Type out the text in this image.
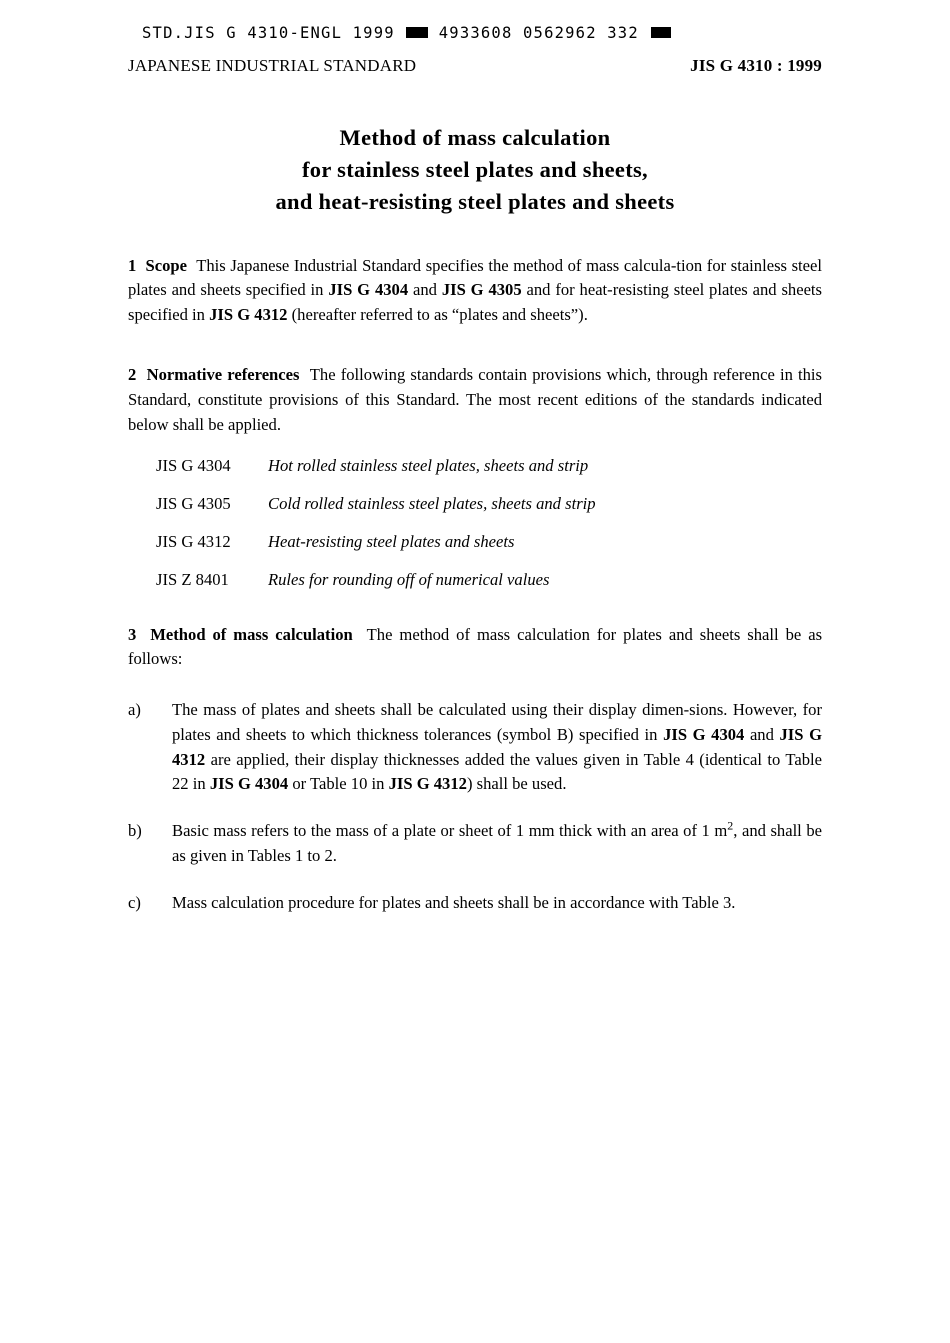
STD.JIS G 4310-ENGL 1999	4933608 0562962 332
JAPANESE INDUSTRIAL STANDARD	JIS G 4310 : 1999
Method of mass calculation
for stainless steel plates and sheets,
and heat-resisting steel plates and sheets

1 Scope This Japanese Industrial Standard specifies the method of mass calcula-tion for stainless steel plates and sheets specified in JIS G 4304 and JIS G 4305 and for heat-resisting steel plates and sheets specified in JIS G 4312 (hereafter referred to as “plates and sheets”).

2 Normative references The following standards contain provisions which, through reference in this Standard, constitute provisions of this Standard. The most recent editions of the standards indicated below shall be applied.

JIS G 4304	Hot rolled stainless steel plates, sheets and strip
JIS G 4305	Cold rolled stainless steel plates, sheets and strip
JIS G 4312	Heat-resisting steel plates and sheets
JIS Z 8401	Rules for rounding off of numerical values

3 Method of mass calculation The method of mass calculation for plates and sheets shall be as follows:

a)	The mass of plates and sheets shall be calculated using their display dimen-sions. However, for plates and sheets to which thickness tolerances (symbol B) specified in JIS G 4304 and JIS G 4312 are applied, their display thicknesses added the values given in Table 4 (identical to Table 22 in JIS G 4304 or Table 10 in JIS G 4312) shall be used.
b)	Basic mass refers to the mass of a plate or sheet of 1 mm thick with an area of 1 $m^2$, and shall be as given in Tables 1 to 2.
c)	Mass calculation procedure for plates and sheets shall be in accordance with Table 3.
